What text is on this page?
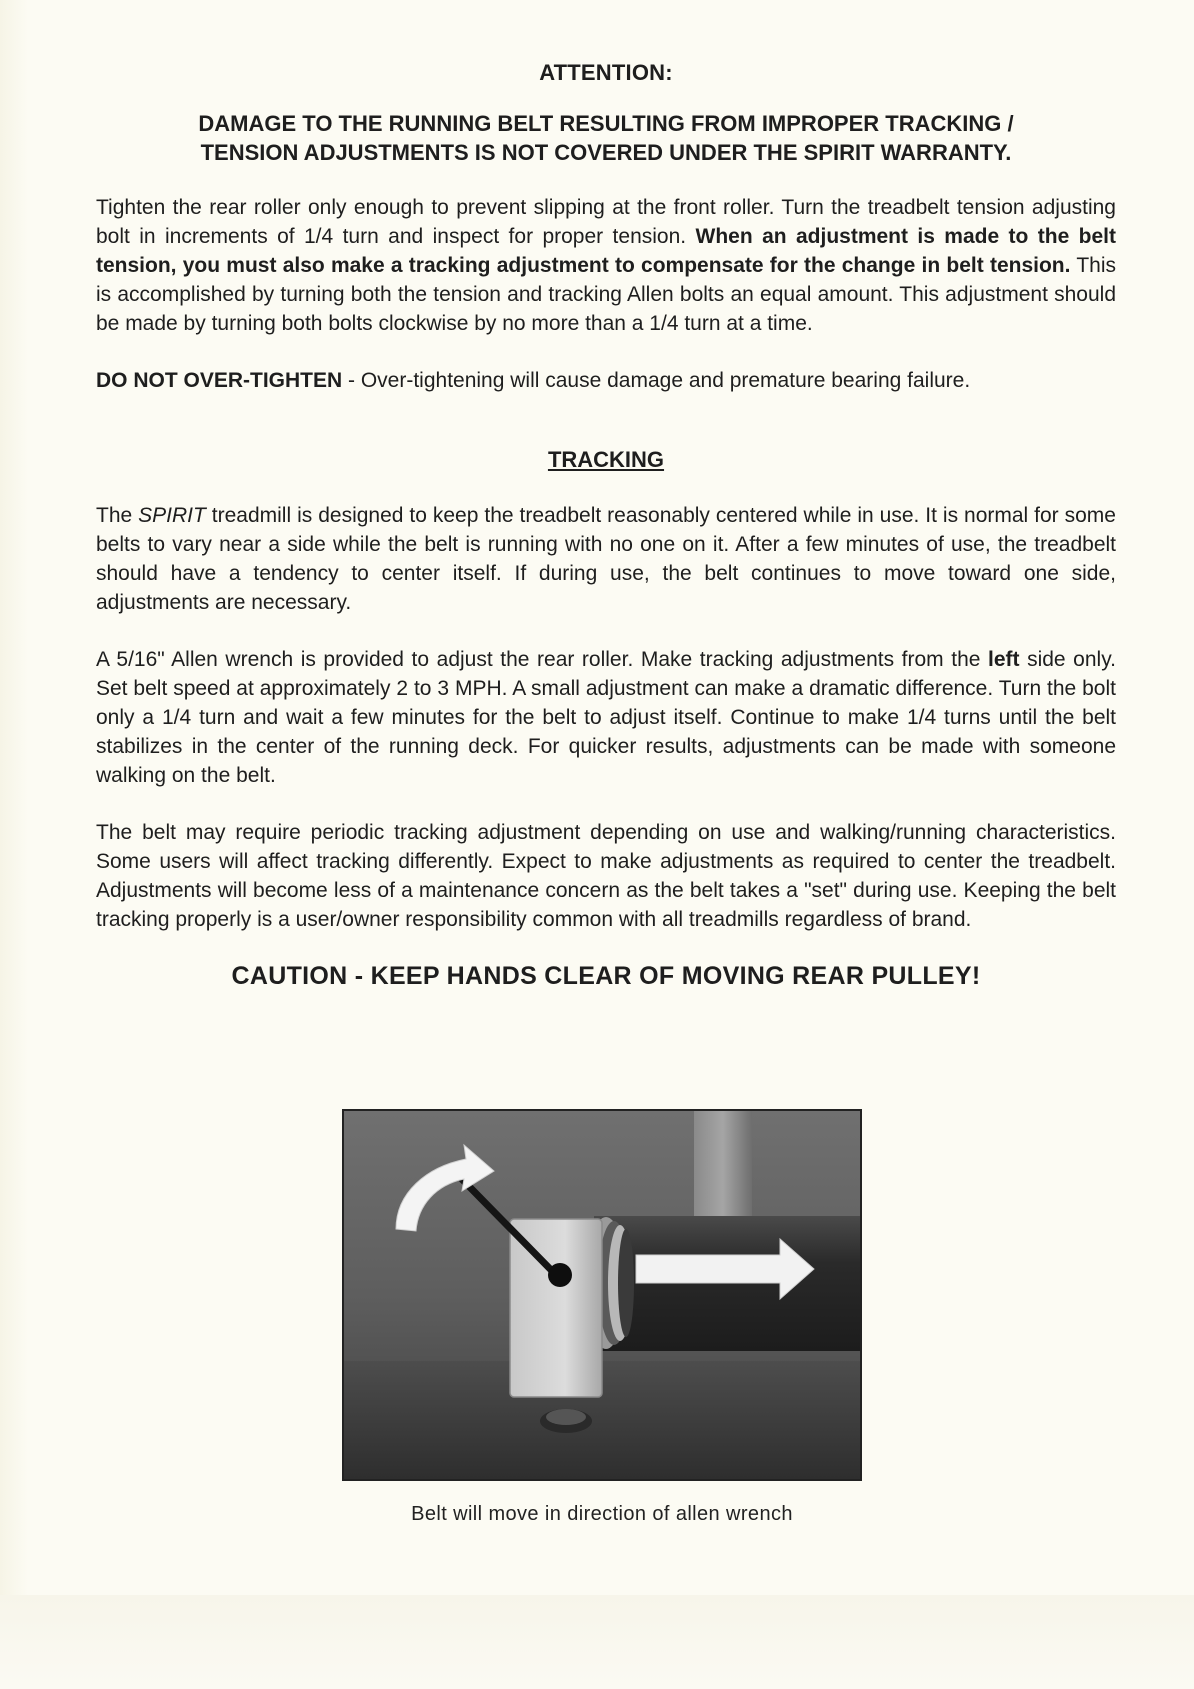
ATTENTION:
DAMAGE TO THE RUNNING BELT RESULTING FROM IMPROPER TRACKING /
TENSION ADJUSTMENTS IS NOT COVERED UNDER THE SPIRIT WARRANTY.

Tighten the rear roller only enough to prevent slipping at the front roller. Turn the treadbelt tension adjusting bolt in increments of 1/4 turn and inspect for proper tension. When an adjustment is made to the belt tension, you must also make a tracking adjustment to compensate for the change in belt tension. This is accomplished by turning both the tension and tracking Allen bolts an equal amount. This adjustment should be made by turning both bolts clockwise by no more than a 1/4 turn at a time.

DO NOT OVER-TIGHTEN - Over-tightening will cause damage and premature bearing failure.

TRACKING

The SPIRIT treadmill is designed to keep the treadbelt reasonably centered while in use. It is normal for some belts to vary near a side while the belt is running with no one on it. After a few minutes of use, the treadbelt should have a tendency to center itself. If during use, the belt continues to move toward one side, adjustments are necessary.

A 5/16" Allen wrench is provided to adjust the rear roller. Make tracking adjustments from the left side only. Set belt speed at approximately 2 to 3 MPH. A small adjustment can make a dramatic difference. Turn the bolt only a 1/4 turn and wait a few minutes for the belt to adjust itself. Continue to make 1/4 turns until the belt stabilizes in the center of the running deck. For quicker results, adjustments can be made with someone walking on the belt.

The belt may require periodic tracking adjustment depending on use and walking/running characteristics. Some users will affect tracking differently. Expect to make adjustments as required to center the treadbelt. Adjustments will become less of a maintenance concern as the belt takes a "set" during use. Keeping the belt tracking properly is a user/owner responsibility common with all treadmills regardless of brand.

CAUTION - KEEP HANDS CLEAR OF MOVING REAR PULLEY!
Belt will move in direction of allen wrench
